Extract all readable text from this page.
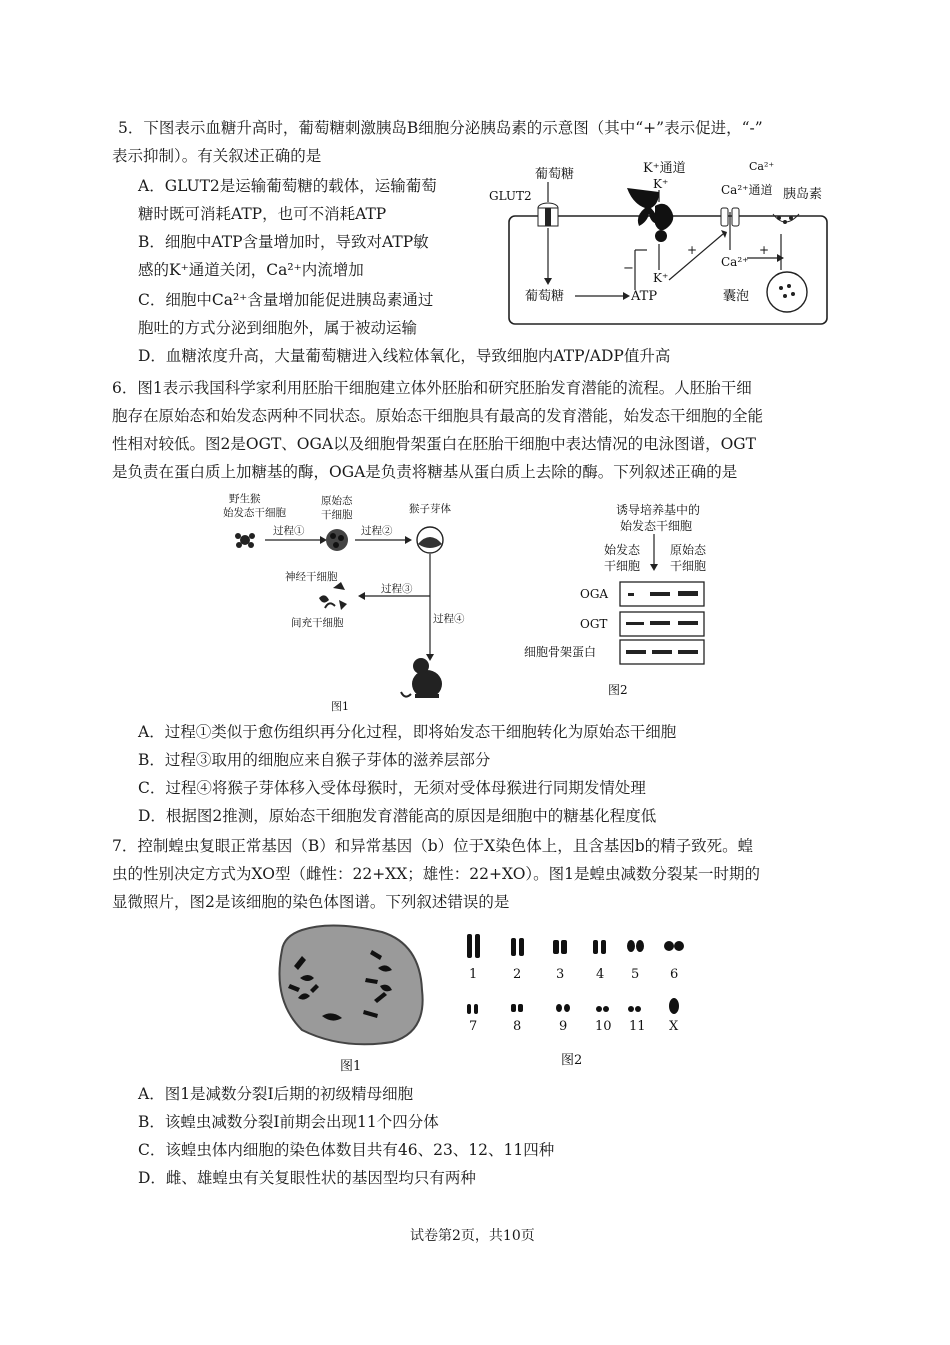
5．下图表示血糖升高时，葡萄糖刺激胰岛B细胞分泌胰岛素的示意图（其中“+”表示促进，“-”
表示抑制）。有关叙述正确的是
A．GLUT2是运输葡萄糖的载体，运输葡萄
糖时既可消耗ATP，也可不消耗ATP
B．细胞中ATP含量增加时，导致对ATP敏
感的K⁺通道关闭，Ca²⁺内流增加
C．细胞中Ca²⁺含量增加能促进胰岛素通过
胞吐的方式分泌到细胞外，属于被动运输
D．血糖浓度升高，大量葡萄糖进入线粒体氧化，导致细胞内ATP/ADP值升高
葡萄糖
GLUT2
葡萄糖	ATP
K⁺通道
K⁺
K⁺
−
+
Ca²⁺
Ca²⁺通道
Ca²⁺
+
胰岛素
囊泡
6．图1表示我国科学家利用胚胎干细胞建立体外胚胎和研究胚胎发育潜能的流程。人胚胎干细
胞存在原始态和始发态两种不同状态。原始态干细胞具有最高的发育潜能，始发态干细胞的全能
性相对较低。图2是OGT、OGA以及细胞骨架蛋白在胚胎干细胞中表达情况的电泳图谱，OGT
是负责在蛋白质上加糖基的酶，OGA是负责将糖基从蛋白质上去除的酶。下列叙述正确的是
野生猴
始发态干细胞
过程①
原始态
干细胞
过程②
猴子芽体
过程④
过程③
神经干细胞
间充干细胞
图1
诱导培养基中的
始发态干细胞
始发态
干细胞
原始态
干细胞
OGA
OGT
细胞骨架蛋白
图2
A．过程①类似于愈伤组织再分化过程，即将始发态干细胞转化为原始态干细胞
B．过程③取用的细胞应来自猴子芽体的滋养层部分
C．过程④将猴子芽体移入受体母猴时，无须对受体母猴进行同期发情处理
D．根据图2推测，原始态干细胞发育潜能高的原因是细胞中的糖基化程度低
7．控制蝗虫复眼正常基因（B）和异常基因（b）位于X染色体上，且含基因b的精子致死。蝗
虫的性别决定方式为XO型（雌性：22+XX；雄性：22+XO）。图1是蝗虫减数分裂某一时期的
显微照片，图2是该细胞的染色体图谱。下列叙述错误的是
图1
1	2	3 4 5 6
7	8	9 10 11 X
图2
A．图1是减数分裂Ⅰ后期的初级精母细胞
B．该蝗虫减数分裂Ⅰ前期会出现11个四分体
C．该蝗虫体内细胞的染色体数目共有46、23、12、11四种
D．雌、雄蝗虫有关复眼性状的基因型均只有两种
试卷第2页，共10页
